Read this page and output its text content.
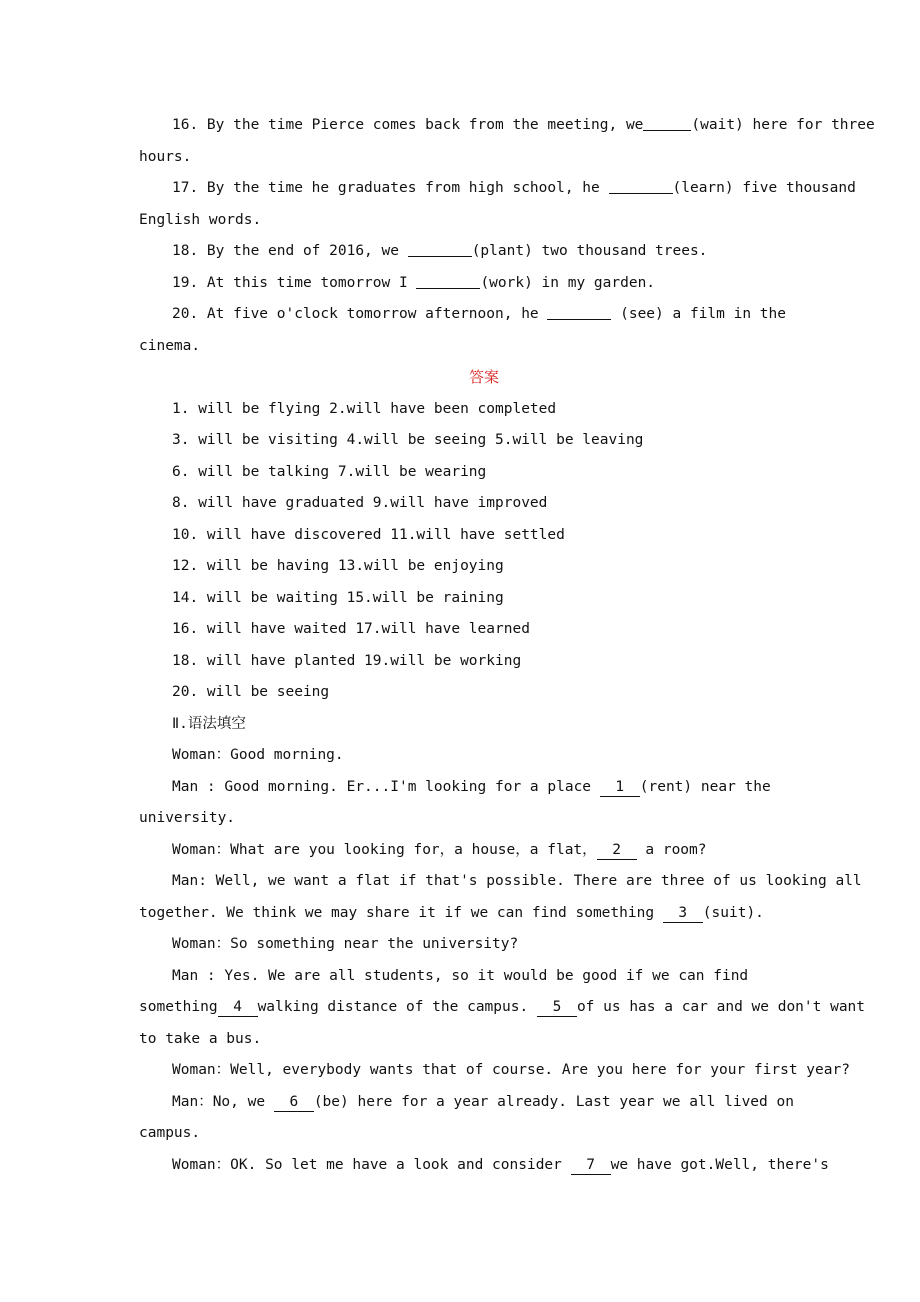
16. By the time Pierce comes back from the meeting, we	(wait) here for three

hours.

17. By the time he graduates from high school, he	(learn) five thousand

English words.

18. By the end of 2016, we	(plant) two thousand trees.

19. At this time tomorrow I	(work) in my garden.

20. At five o'clock tomorrow afternoon, he	(see) a film in the

cinema.

答案

1. will be flying 2.will have been completed

3. will be visiting 4.will be seeing 5.will be leaving

6. will be talking 7.will be wearing

8. will have graduated 9.will have improved

10. will have discovered 11.will have settled

12. will be having 13.will be enjoying

14. will be waiting 15.will be raining

16. will have waited 17.will have learned

18. will have planted 19.will be working

20. will be seeing

Ⅱ.语法填空

Woman：Good morning.

Man : Good morning. Er...I'm looking for a place 1 (rent) near the

university.

Woman：What are you looking for，a house，a flat， 2 a room?

Man: Well, we want a flat if that's possible. There are three of us looking all

together. We think we may share it if we can find something 3 (suit).

Woman：So something near the university?

Man : Yes. We are all students, so it would be good if we can find

something 4 walking distance of the campus. 5 of us has a car and we don't want

to take a bus.

Woman：Well, everybody wants that of course. Are you here for your first year?

Man：No, we 6 (be) here for a year already. Last year we all lived on

campus.

Woman：OK. So let me have a look and consider 7 we have got.Well, there's
